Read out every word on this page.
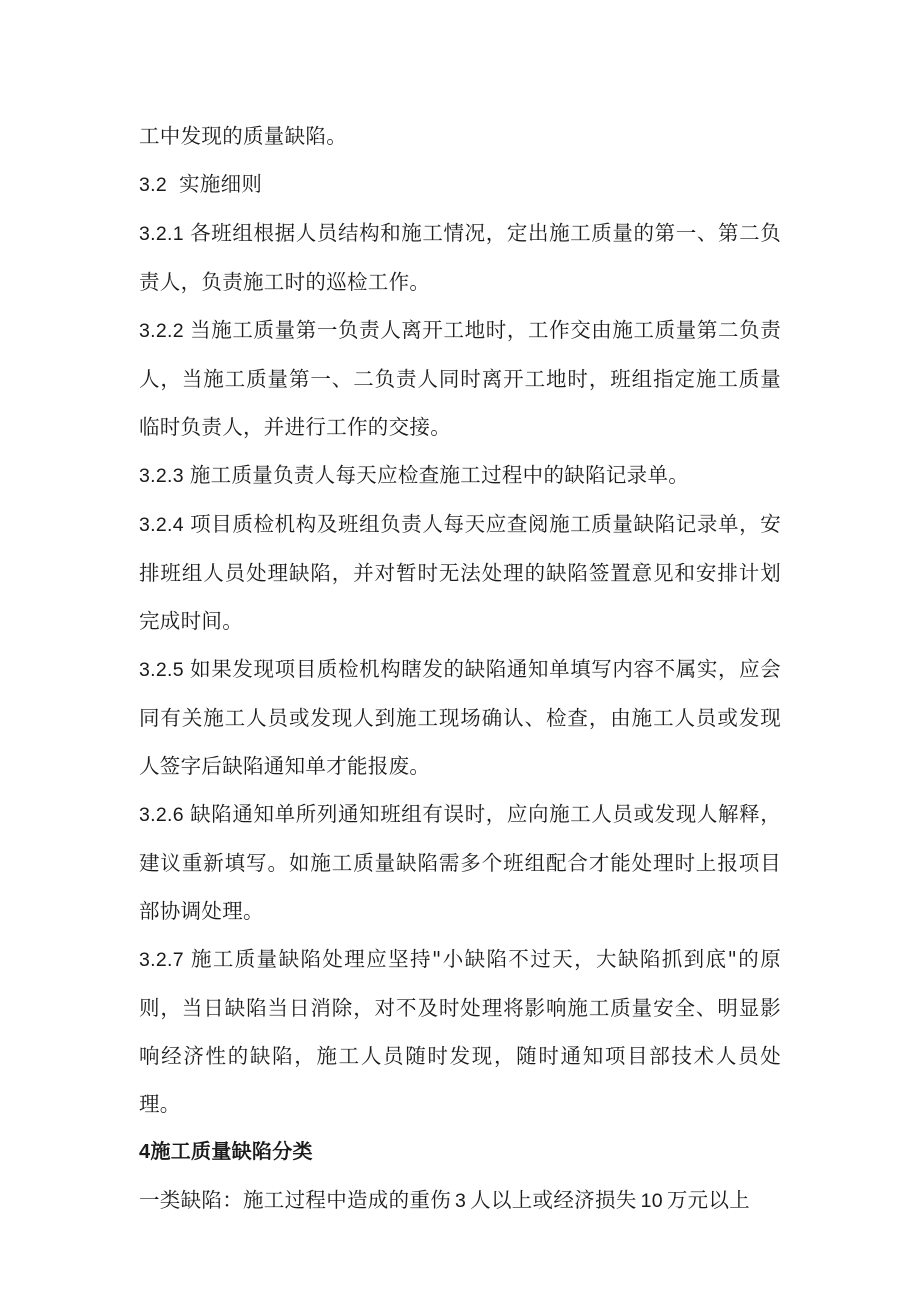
工中发现的质量缺陷。

3.2 实施细则

3.2.1 各班组根据人员结构和施工情况，定出施工质量的第一、第二负责人，负责施工时的巡检工作。

3.2.2 当施工质量第一负责人离开工地时，工作交由施工质量第二负责人，当施工质量第一、二负责人同时离开工地时，班组指定施工质量临时负责人，并进行工作的交接。

3.2.3 施工质量负责人每天应检查施工过程中的缺陷记录单。

3.2.4 项目质检机构及班组负责人每天应查阅施工质量缺陷记录单，安排班组人员处理缺陷，并对暂时无法处理的缺陷签置意见和安排计划完成时间。

3.2.5 如果发现项目质检机构瞎发的缺陷通知单填写内容不属实，应会同有关施工人员或发现人到施工现场确认、检查，由施工人员或发现人签字后缺陷通知单才能报废。

3.2.6 缺陷通知单所列通知班组有误时，应向施工人员或发现人解释，建议重新填写。如施工质量缺陷需多个班组配合才能处理时上报项目部协调处理。

3.2.7 施工质量缺陷处理应坚持"小缺陷不过天，大缺陷抓到底"的原则，当日缺陷当日消除，对不及时处理将影响施工质量安全、明显影响经济性的缺陷，施工人员随时发现，随时通知项目部技术人员处理。

4施工质量缺陷分类

一类缺陷：施工过程中造成的重伤 3 人以上或经济损失 10 万元以上
